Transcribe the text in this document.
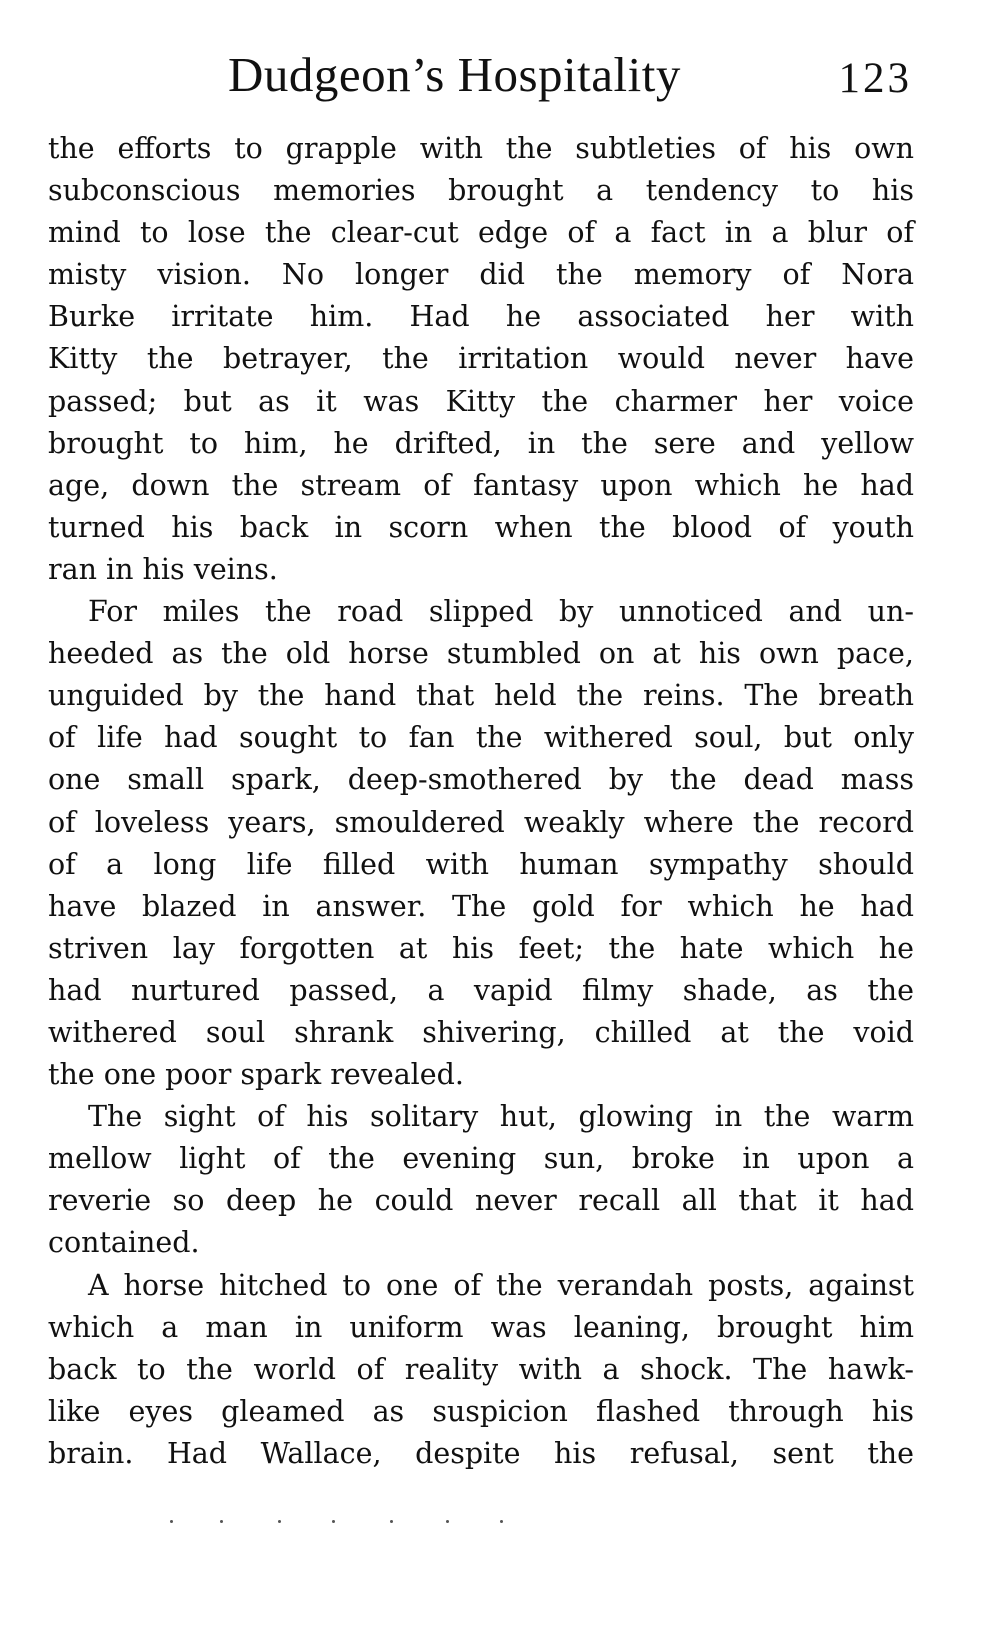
Dudgeon’s Hospitality	123
the efforts to grapple with the subtleties of his own
subconscious memories brought a tendency to his
mind to lose the clear-cut edge of a fact in a blur of
misty vision. No longer did the memory of Nora
Burke irritate him. Had he associated her with
Kitty the betrayer, the irritation would never have
passed; but as it was Kitty the charmer her voice
brought to him, he drifted, in the sere and yellow
age, down the stream of fantasy upon which he had
turned his back in scorn when the blood of youth
ran in his veins.
For miles the road slipped by unnoticed and un-
heeded as the old horse stumbled on at his own pace,
unguided by the hand that held the reins. The breath
of life had sought to fan the withered soul, but only
one small spark, deep-smothered by the dead mass
of loveless years, smouldered weakly where the record
of a long life filled with human sympathy should
have blazed in answer. The gold for which he had
striven lay forgotten at his feet; the hate which he
had nurtured passed, a vapid filmy shade, as the
withered soul shrank shivering, chilled at the void
the one poor spark revealed.
The sight of his solitary hut, glowing in the warm
mellow light of the evening sun, broke in upon a
reverie so deep he could never recall all that it had
contained.
A horse hitched to one of the verandah posts, against
which a man in uniform was leaning, brought him
back to the world of reality with a shock. The hawk-
like eyes gleamed as suspicion flashed through his
brain. Had Wallace, despite his refusal, sent the
